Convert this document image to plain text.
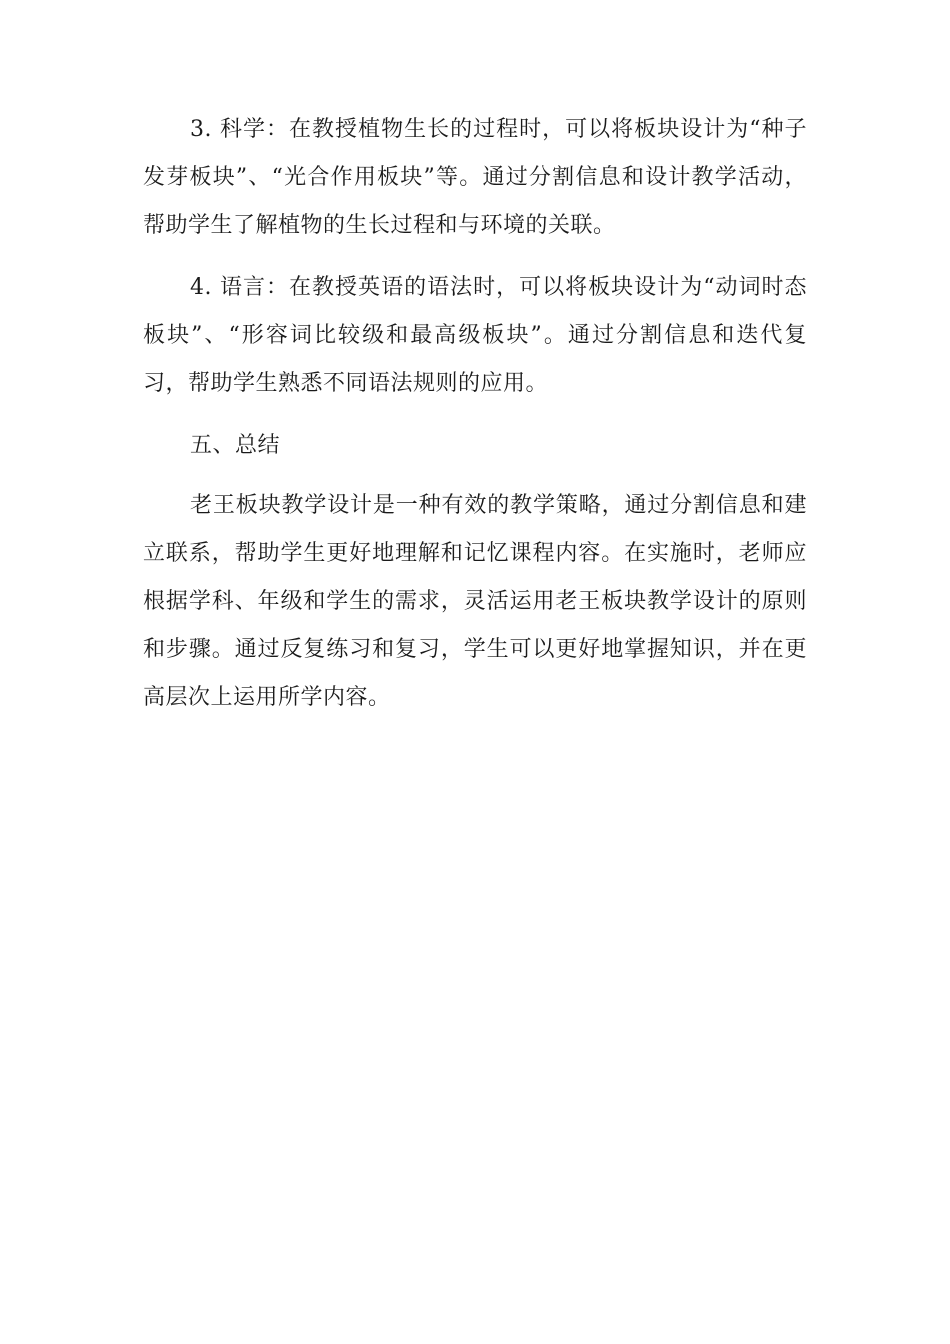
3. 科学：在教授植物生长的过程时，可以将板块设计为“种子发芽板块”、“光合作用板块”等。通过分割信息和设计教学活动，帮助学生了解植物的生长过程和与环境的关联。

4. 语言：在教授英语的语法时，可以将板块设计为“动词时态板块”、“形容词比较级和最高级板块”。通过分割信息和迭代复习，帮助学生熟悉不同语法规则的应用。

五、总结

老王板块教学设计是一种有效的教学策略，通过分割信息和建立联系，帮助学生更好地理解和记忆课程内容。在实施时，老师应根据学科、年级和学生的需求，灵活运用老王板块教学设计的原则和步骤。通过反复练习和复习，学生可以更好地掌握知识，并在更高层次上运用所学内容。
